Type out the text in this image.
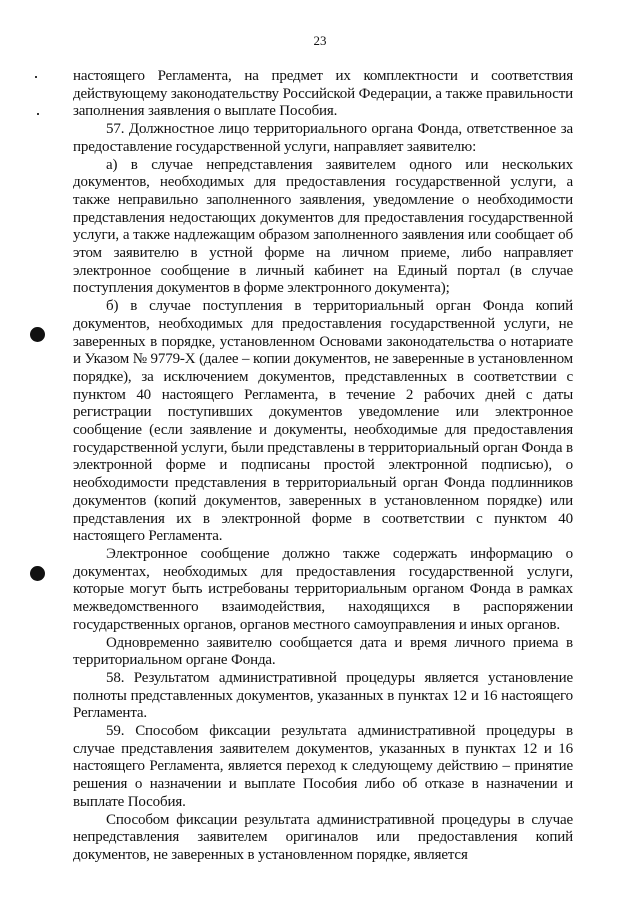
23

настоящего Регламента, на предмет их комплектности и соответствия действующему законодательству Российской Федерации, а также правильности заполнения заявления о выплате Пособия.

57. Должностное лицо территориального органа Фонда, ответственное за предоставление государственной услуги, направляет заявителю:

а) в случае непредставления заявителем одного или нескольких документов, необходимых для предоставления государственной услуги, а также неправильно заполненного заявления, уведомление о необходимости представления недостающих документов для предоставления государственной услуги, а также надлежащим образом заполненного заявления или сообщает об этом заявителю в устной форме на личном приеме, либо направляет электронное сообщение в личный кабинет на Единый портал (в случае поступления документов в форме электронного документа);

б) в случае поступления в территориальный орган Фонда копий документов, необходимых для предоставления государственной услуги, не заверенных в порядке, установленном Основами законодательства о нотариате и Указом № 9779-Х (далее – копии документов, не заверенные в установленном порядке), за исключением документов, представленных в соответствии с пунктом 40 настоящего Регламента, в течение 2 рабочих дней с даты регистрации поступивших документов уведомление или электронное сообщение (если заявление и документы, необходимые для предоставления государственной услуги, были представлены в территориальный орган Фонда в электронной форме и подписаны простой электронной подписью), о необходимости представления в территориальный орган Фонда подлинников документов (копий документов, заверенных в установленном порядке) или представления их в электронной форме в соответствии с пунктом 40 настоящего Регламента.

Электронное сообщение должно также содержать информацию о документах, необходимых для предоставления государственной услуги, которые могут быть истребованы территориальным органом Фонда в рамках межведомственного взаимодействия, находящихся в распоряжении государственных органов, органов местного самоуправления и иных органов.

Одновременно заявителю сообщается дата и время личного приема в территориальном органе Фонда.

58. Результатом административной процедуры является установление полноты представленных документов, указанных в пунктах 12 и 16 настоящего Регламента.

59. Способом фиксации результата административной процедуры в случае представления заявителем документов, указанных в пунктах 12 и 16 настоящего Регламента, является переход к следующему действию – принятие решения о назначении и выплате Пособия либо об отказе в назначении и выплате Пособия.

Способом фиксации результата административной процедуры в случае непредставления заявителем оригиналов или предоставления копий документов, не заверенных в установленном порядке, является
